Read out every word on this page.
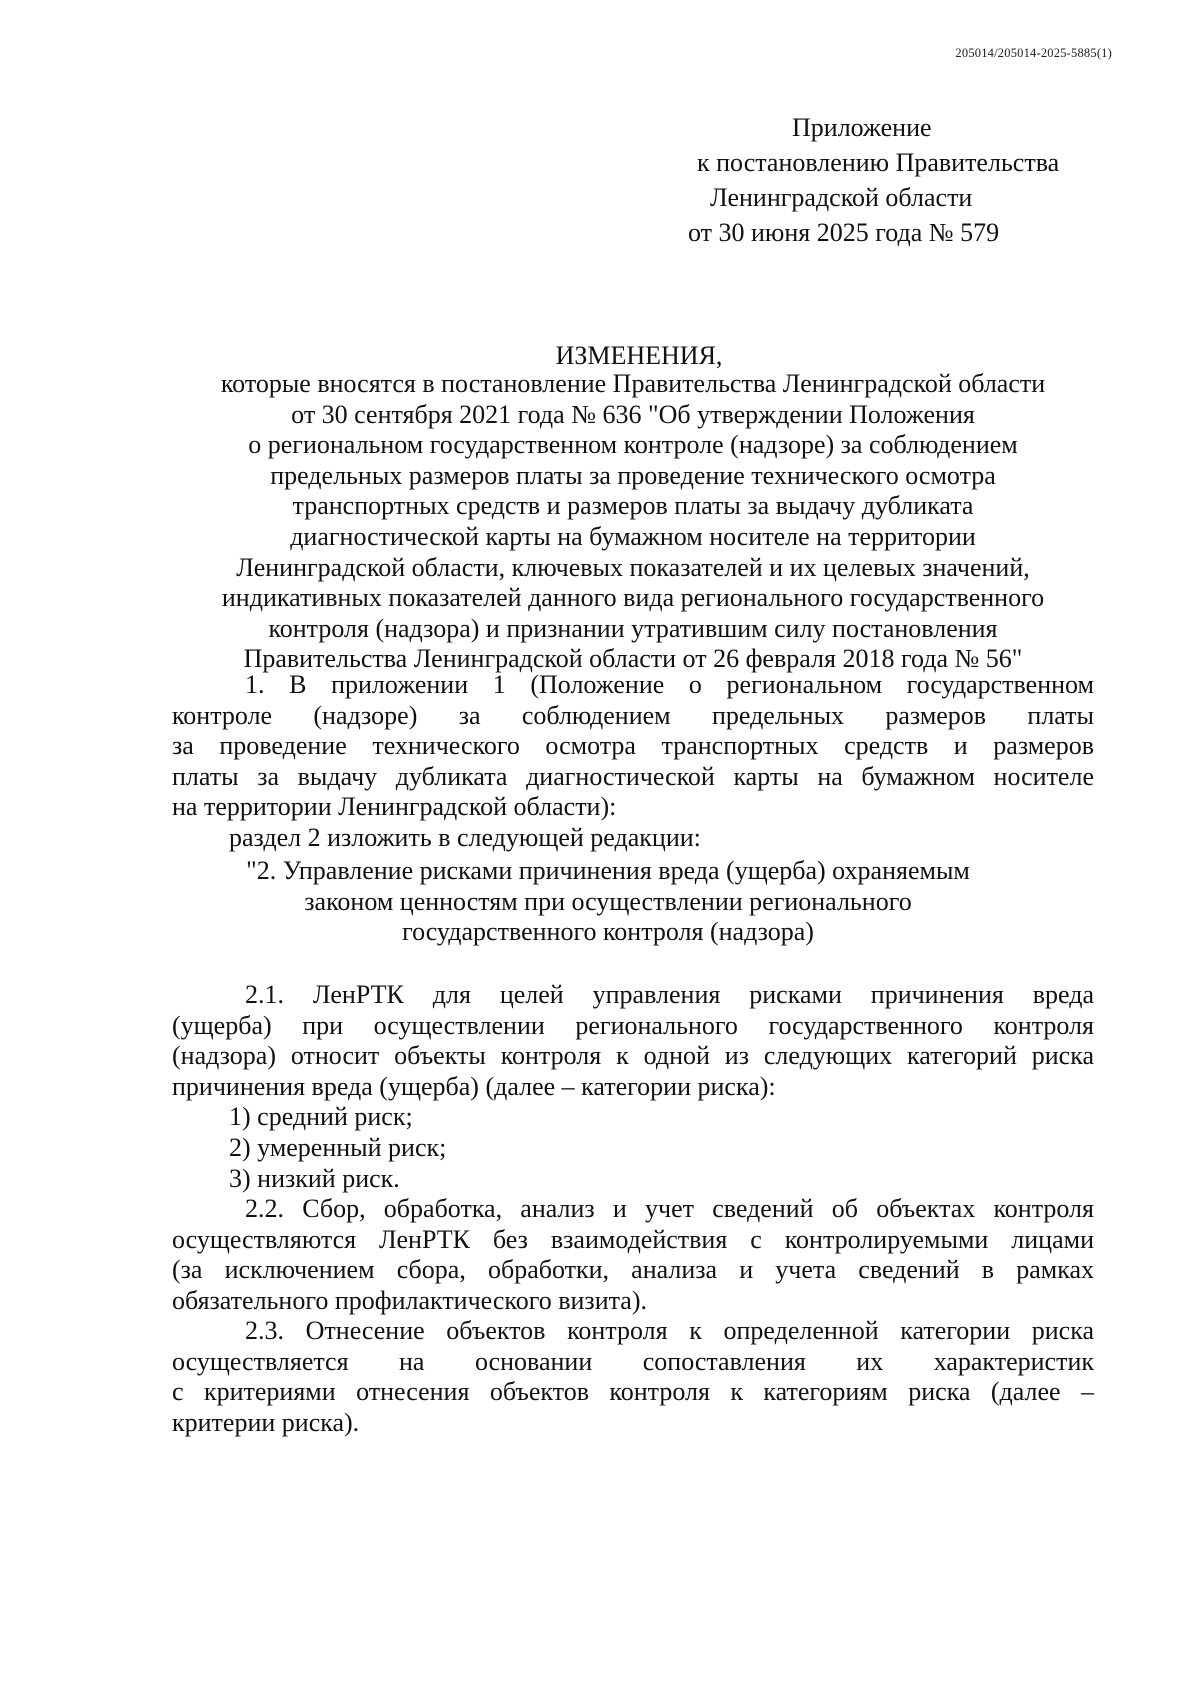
205014/205014-2025-5885(1)
Приложение
к постановлению Правительства
Ленинградской области
от 30 июня 2025 года № 579
ИЗМЕНЕНИЯ,
которые вносятся в постановление Правительства Ленинградской области
от 30 сентября 2021 года № 636 "Об утверждении Положения
о региональном государственном контроле (надзоре) за соблюдением
предельных размеров платы за проведение технического осмотра
транспортных средств и размеров платы за выдачу дубликата
диагностической карты на бумажном носителе на территории
Ленинградской области, ключевых показателей и их целевых значений,
индикативных показателей данного вида регионального государственного
контроля (надзора) и признании утратившим силу постановления
Правительства Ленинградской области от 26 февраля 2018 года № 56"
1. В приложении 1 (Положение о региональном государственном
контроле (надзоре) за соблюдением предельных размеров платы
за проведение технического осмотра транспортных средств и размеров
платы за выдачу дубликата диагностической карты на бумажном носителе
на территории Ленинградской области):
раздел 2 изложить в следующей редакции:
"2. Управление рисками причинения вреда (ущерба) охраняемым
законом ценностям при осуществлении регионального
государственного контроля (надзора)
2.1. ЛенРТК для целей управления рисками причинения вреда
(ущерба) при осуществлении регионального государственного контроля
(надзора) относит объекты контроля к одной из следующих категорий риска
причинения вреда (ущерба) (далее – категории риска):
1) средний риск;
2) умеренный риск;
3) низкий риск.
2.2. Сбор, обработка, анализ и учет сведений об объектах контроля
осуществляются ЛенРТК без взаимодействия с контролируемыми лицами
(за исключением сбора, обработки, анализа и учета сведений в рамках
обязательного профилактического визита).
2.3. Отнесение объектов контроля к определенной категории риска
осуществляется на основании сопоставления их характеристик
с критериями отнесения объектов контроля к категориям риска (далее –
критерии риска).
